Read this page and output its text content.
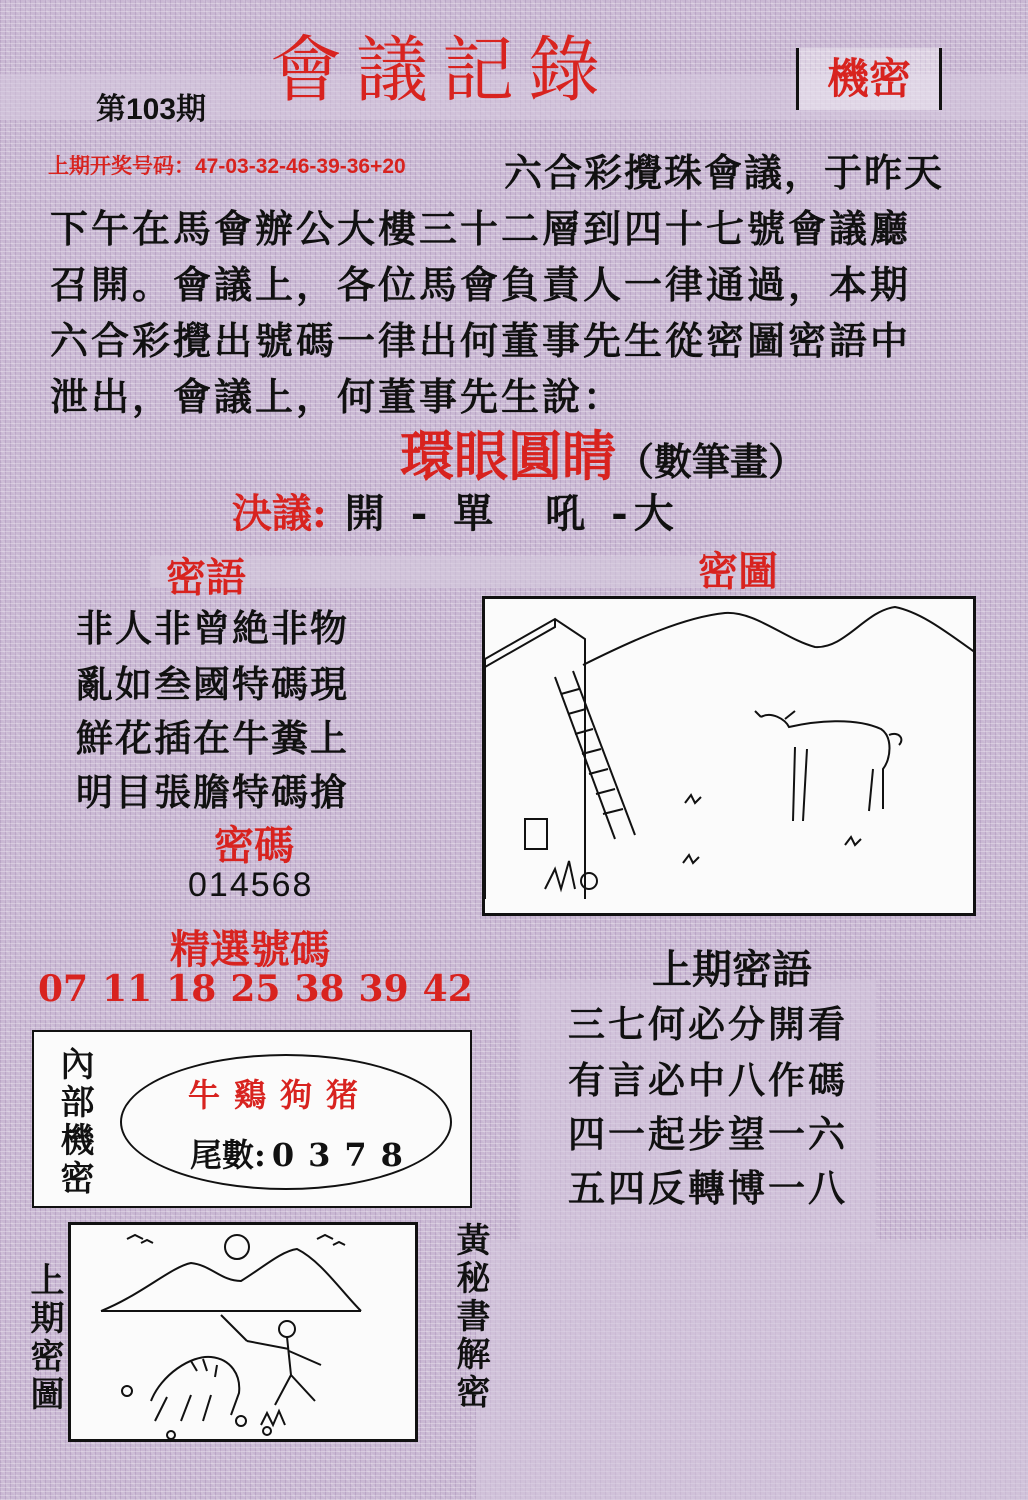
會議記錄	機密
第103期
上期开奖号码：47-03-32-46-39-36+20	六合彩攪珠會議，于昨天
下午在馬會辦公大樓三十二層到四十七號會議廳
召開。會議上，各位馬會負責人一律通過，本期
六合彩攪出號碼一律出何董事先生從密圖密語中
泄出，會議上，何董事先生說：
環眼圓睛（數筆畫）
決議: 開 - 單　吼 -大
密語
非人非曾絶非物
亂如叁國特碼現
鮮花插在牛糞上
明目張膽特碼搶
密碼
014568
精選號碼
07 11 18 25 38 39 42
密圖
上期密語
三七何必分開看
有言必中八作碼
四一起步望一六
五四反轉博一八
內部機密	牛鷄狗猪
尾數: 0378
上期密圖	黃秘書解密
